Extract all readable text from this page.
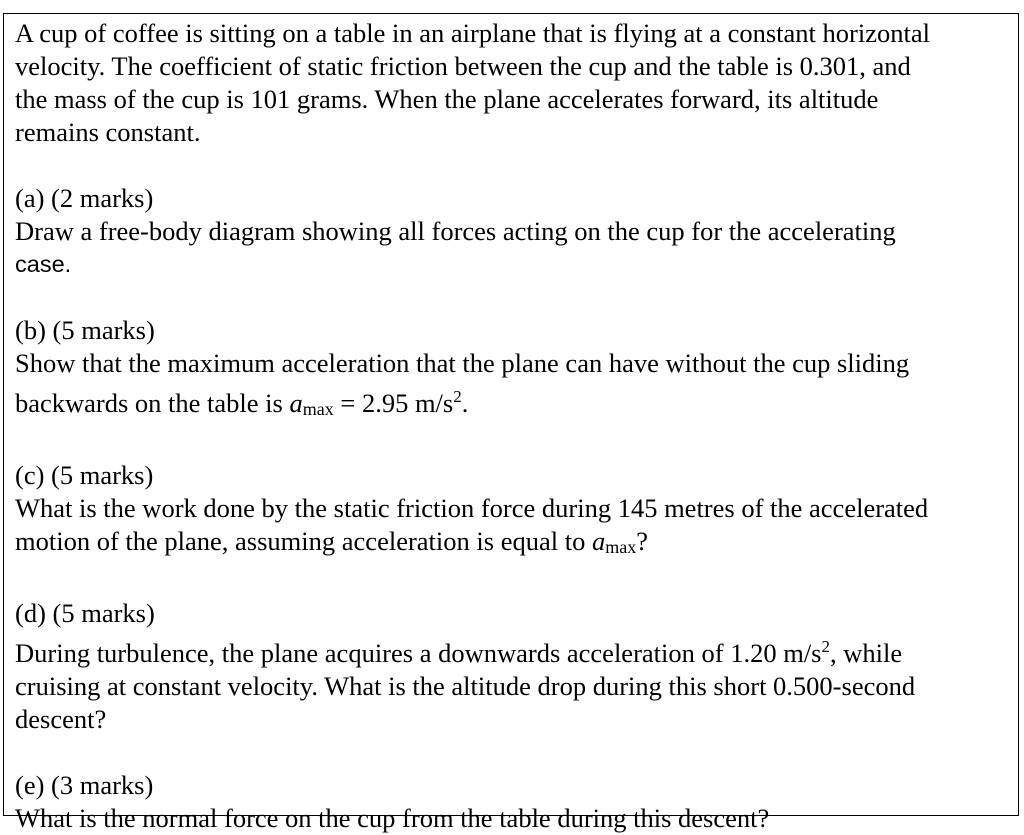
A cup of coffee is sitting on a table in an airplane that is flying at a constant horizontal
velocity. The coefficient of static friction between the cup and the table is 0.301, and
the mass of the cup is 101 grams. When the plane accelerates forward, its altitude
remains constant.
(a) (2 marks)
Draw a free-body diagram showing all forces acting on the cup for the accelerating
case.
(b) (5 marks)
Show that the maximum acceleration that the plane can have without the cup sliding
backwards on the table is amax = 2.95 $m/s^2$.
(c) (5 marks)
What is the work done by the static friction force during 145 metres of the accelerated
motion of the plane, assuming acceleration is equal to amax?
(d) (5 marks)
During turbulence, the plane acquires a downwards acceleration of 1.20 $m/s^2$, while
cruising at constant velocity. What is the altitude drop during this short 0.500-second
descent?
(e) (3 marks)
What is the normal force on the cup from the table during this descent?
